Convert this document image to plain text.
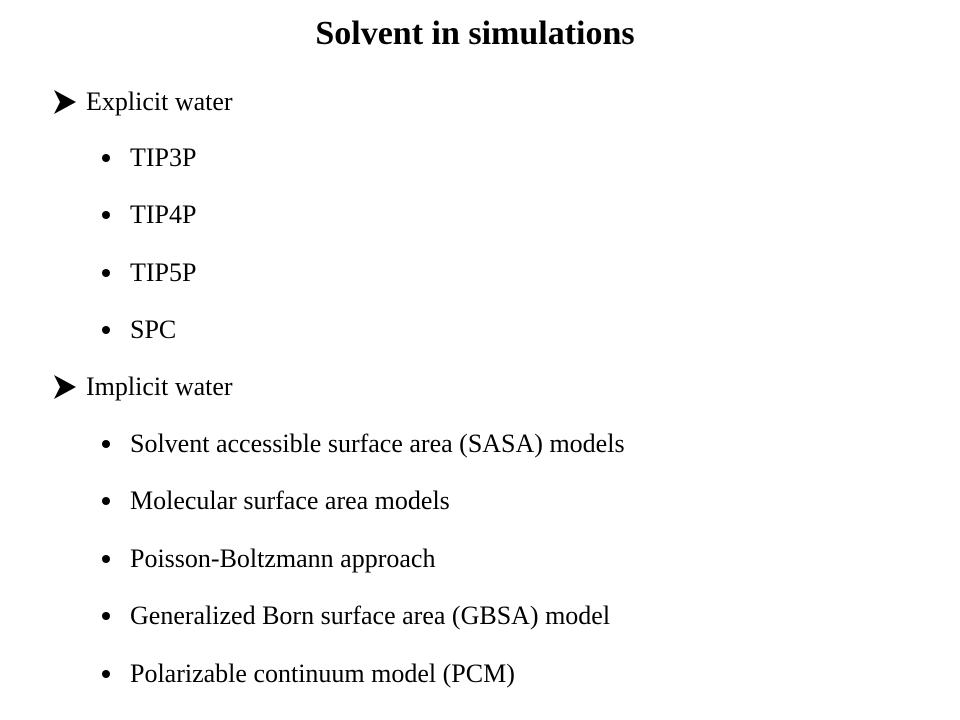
Solvent in simulations
Explicit water
TIP3P
TIP4P
TIP5P
SPC
Implicit water
Solvent accessible surface area (SASA) models
Molecular surface area models
Poisson-Boltzmann approach
Generalized Born surface area (GBSA) model
Polarizable continuum model (PCM)
